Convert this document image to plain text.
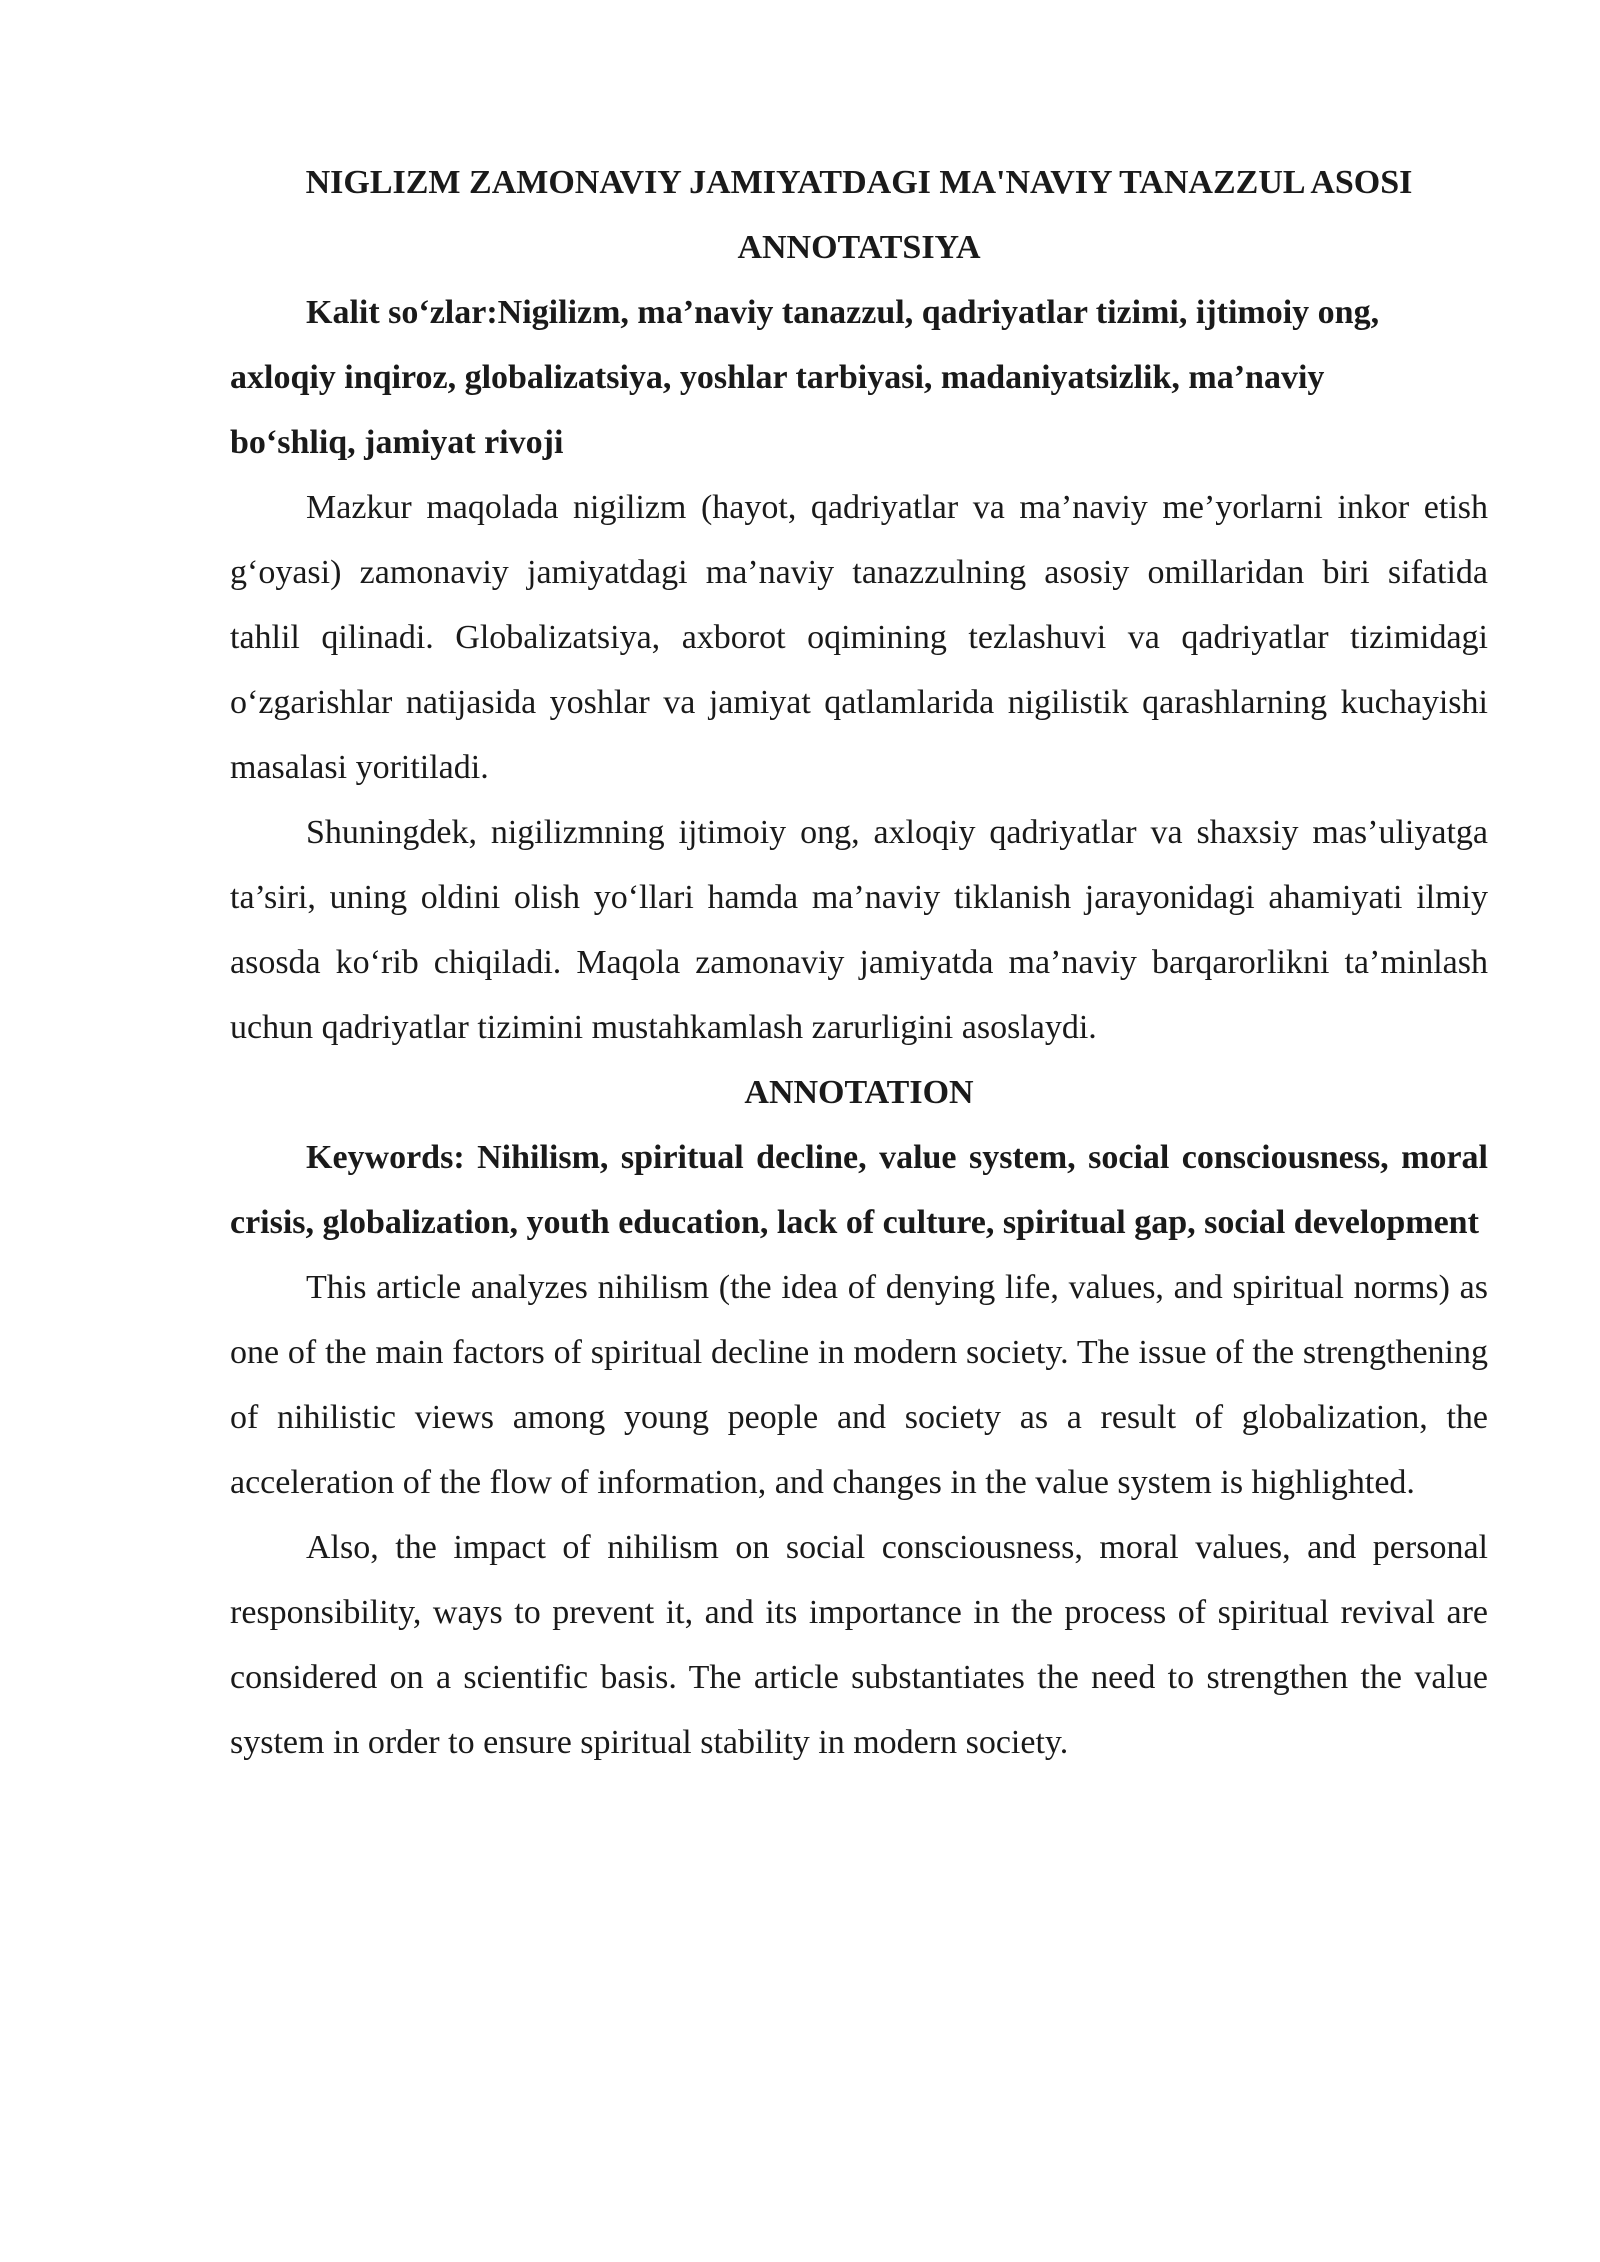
NIGLIZM ZAMONAVIY JAMIYATDAGI MA'NAVIY TANAZZUL ASOSI

ANNOTATSIYA

Kalit so‘zlar:Nigilizm, ma’naviy tanazzul, qadriyatlar tizimi, ijtimoiy ong, axloqiy inqiroz, globalizatsiya, yoshlar tarbiyasi, madaniyatsizlik, ma’naviy bo‘shliq, jamiyat rivoji

Mazkur maqolada nigilizm (hayot, qadriyatlar va ma’naviy me’yorlarni inkor etish g‘oyasi) zamonaviy jamiyatdagi ma’naviy tanazzulning asosiy omillaridan biri sifatida tahlil qilinadi. Globalizatsiya, axborot oqimining tezlashuvi va qadriyatlar tizimidagi o‘zgarishlar natijasida yoshlar va jamiyat qatlamlarida nigilistik qarashlarning kuchayishi masalasi yoritiladi.

Shuningdek, nigilizmning ijtimoiy ong, axloqiy qadriyatlar va shaxsiy mas’uliyatga ta’siri, uning oldini olish yo‘llari hamda ma’naviy tiklanish jarayonidagi ahamiyati ilmiy asosda ko‘rib chiqiladi. Maqola zamonaviy jamiyatda ma’naviy barqarorlikni ta’minlash uchun qadriyatlar tizimini mustahkamlash zarurligini asoslaydi.

ANNOTATION

Keywords: Nihilism, spiritual decline, value system, social consciousness, moral crisis, globalization, youth education, lack of culture, spiritual gap, social development

This article analyzes nihilism (the idea of denying life, values, and spiritual norms) as one of the main factors of spiritual decline in modern society. The issue of the strengthening of nihilistic views among young people and society as a result of globalization, the acceleration of the flow of information, and changes in the value system is highlighted.

Also, the impact of nihilism on social consciousness, moral values, and personal responsibility, ways to prevent it, and its importance in the process of spiritual revival are considered on a scientific basis. The article substantiates the need to strengthen the value system in order to ensure spiritual stability in modern society.
